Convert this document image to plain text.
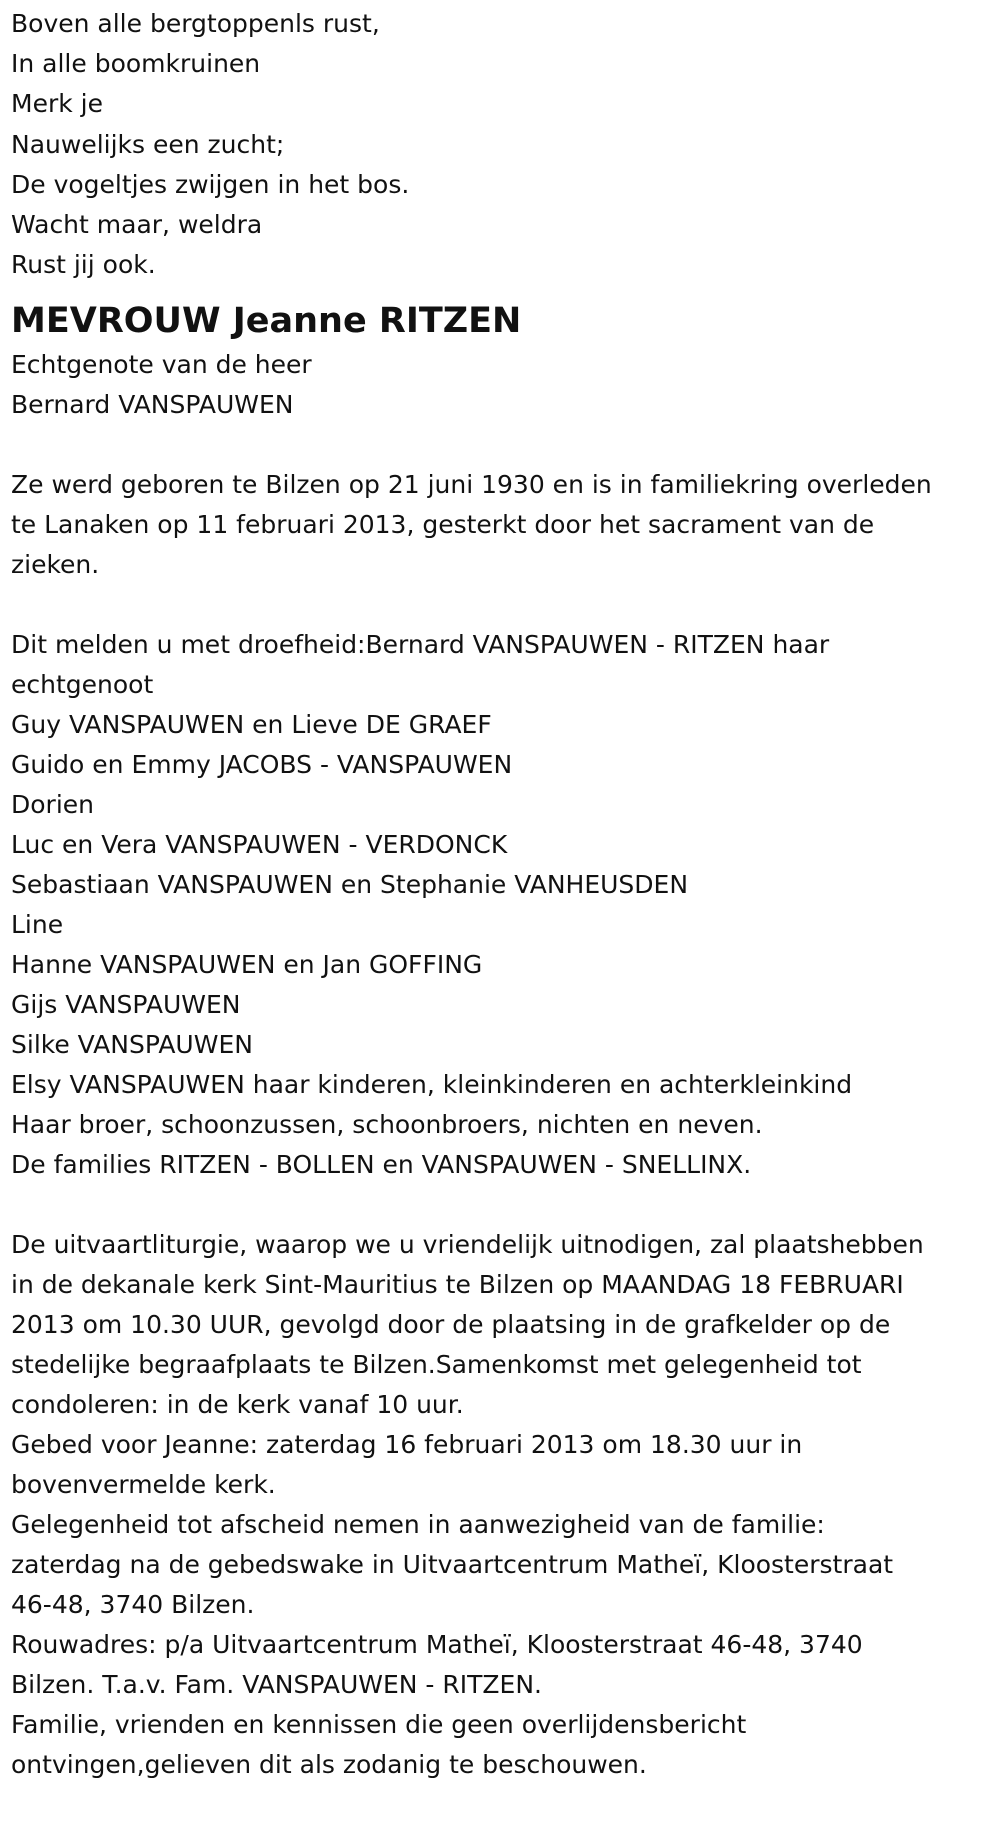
Boven alle bergtoppenls rust,
In alle boomkruinen
Merk je
Nauwelijks een zucht;
De vogeltjes zwijgen in het bos.
Wacht maar, weldra
Rust jij ook.
MEVROUW Jeanne RITZEN
Echtgenote van de heer
Bernard VANSPAUWEN
Ze werd geboren te Bilzen op 21 juni 1930 en is in familiekring overleden
te Lanaken op 11 februari 2013, gesterkt door het sacrament van de
zieken.
Dit melden u met droefheid:Bernard VANSPAUWEN - RITZEN haar
echtgenoot
Guy VANSPAUWEN en Lieve DE GRAEF
Guido en Emmy JACOBS - VANSPAUWEN
Dorien
Luc en Vera VANSPAUWEN - VERDONCK
Sebastiaan VANSPAUWEN en Stephanie VANHEUSDEN
Line
Hanne VANSPAUWEN en Jan GOFFING
Gijs VANSPAUWEN
Silke VANSPAUWEN
Elsy VANSPAUWEN haar kinderen, kleinkinderen en achterkleinkind
Haar broer, schoonzussen, schoonbroers, nichten en neven.
De families RITZEN - BOLLEN en VANSPAUWEN - SNELLINX.
De uitvaartliturgie, waarop we u vriendelijk uitnodigen, zal plaatshebben
in de dekanale kerk Sint-Mauritius te Bilzen op MAANDAG 18 FEBRUARI
2013 om 10.30 UUR, gevolgd door de plaatsing in de grafkelder op de
stedelijke begraafplaats te Bilzen.Samenkomst met gelegenheid tot
condoleren: in de kerk vanaf 10 uur.
Gebed voor Jeanne: zaterdag 16 februari 2013 om 18.30 uur in
bovenvermelde kerk.
Gelegenheid tot afscheid nemen in aanwezigheid van de familie:
zaterdag na de gebedswake in Uitvaartcentrum Matheï, Kloosterstraat
46-48, 3740 Bilzen.
Rouwadres: p/a Uitvaartcentrum Matheï, Kloosterstraat 46-48, 3740
Bilzen. T.a.v. Fam. VANSPAUWEN - RITZEN.
Familie, vrienden en kennissen die geen overlijdensbericht
ontvingen,gelieven dit als zodanig te beschouwen.
